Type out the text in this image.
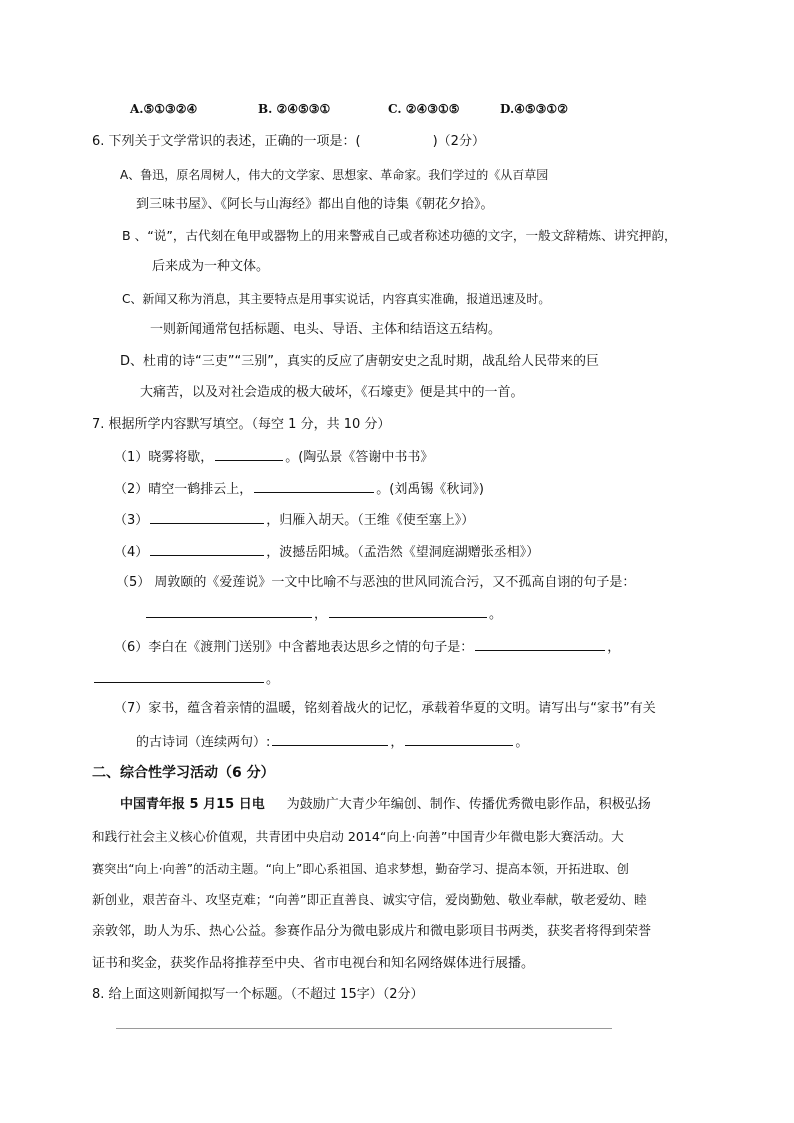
A.⑤①③②④	B. ②④⑤③①	C. ②④③①⑤	D.④⑤③①②
6. 下列关于文学常识的表述，正确的一项是：(	)（2分）
A、鲁迅，原名周树人，伟大的文学家、思想家、革命家。我们学过的《从百草园
到三味书屋》、《阿长与山海经》都出自他的诗集《朝花夕拾》。
B 、“说”，古代刻在龟甲或器物上的用来警戒自己或者称述功德的文字，一般文辞精炼、讲究押韵，
后来成为一种文体。
C、新闻又称为消息，其主要特点是用事实说话，内容真实准确，报道迅速及时。
一则新闻通常包括标题、电头、导语、主体和结语这五结构。
D、杜甫的诗“三吏”“三别”，真实的反应了唐朝安史之乱时期，战乱给人民带来的巨
大痛苦，以及对社会造成的极大破坏，《石壕吏》便是其中的一首。
7. 根据所学内容默写填空。（每空 1 分，共 10 分）
（1）晓雾将歇，	。(陶弘景《答谢中书书》
（2）晴空一鹤排云上，	。(刘禹锡《秋词》)
（3）	，归雁入胡天。（王维《使至塞上》）
（4）	，波撼岳阳城。（孟浩然《望洞庭湖赠张丞相》）
（5） 周敦颐的《爱莲说》一文中比喻不与恶浊的世风同流合污，又不孤高自诩的句子是：
，	。
（6）李白在《渡荆门送别》中含蓄地表达思乡之情的句子是：	，
。
（7）家书，蕴含着亲情的温暖，铭刻着战火的记忆，承载着华夏的文明。请写出与“家书”有关
的古诗词（连续两句）:	，	。
二、综合性学习活动（6 分）
中国青年报 5 月15 日电 为鼓励广大青少年编创、制作、传播优秀微电影作品，积极弘扬
和践行社会主义核心价值观，共青团中央启动 2014“向上·向善”中国青少年微电影大赛活动。大
赛突出“向上·向善”的活动主题。“向上”即心系祖国、追求梦想，勤奋学习、提高本领，开拓进取、创
新创业，艰苦奋斗、攻坚克难；“向善”即正直善良、诚实守信，爱岗勤勉、敬业奉献，敬老爱幼、睦
亲敦邻，助人为乐、热心公益。参赛作品分为微电影成片和微电影项目书两类，获奖者将得到荣誉
证书和奖金，获奖作品将推荐至中央、省市电视台和知名网络媒体进行展播。
8. 给上面这则新闻拟写一个标题。（不超过 15字）（2分）
